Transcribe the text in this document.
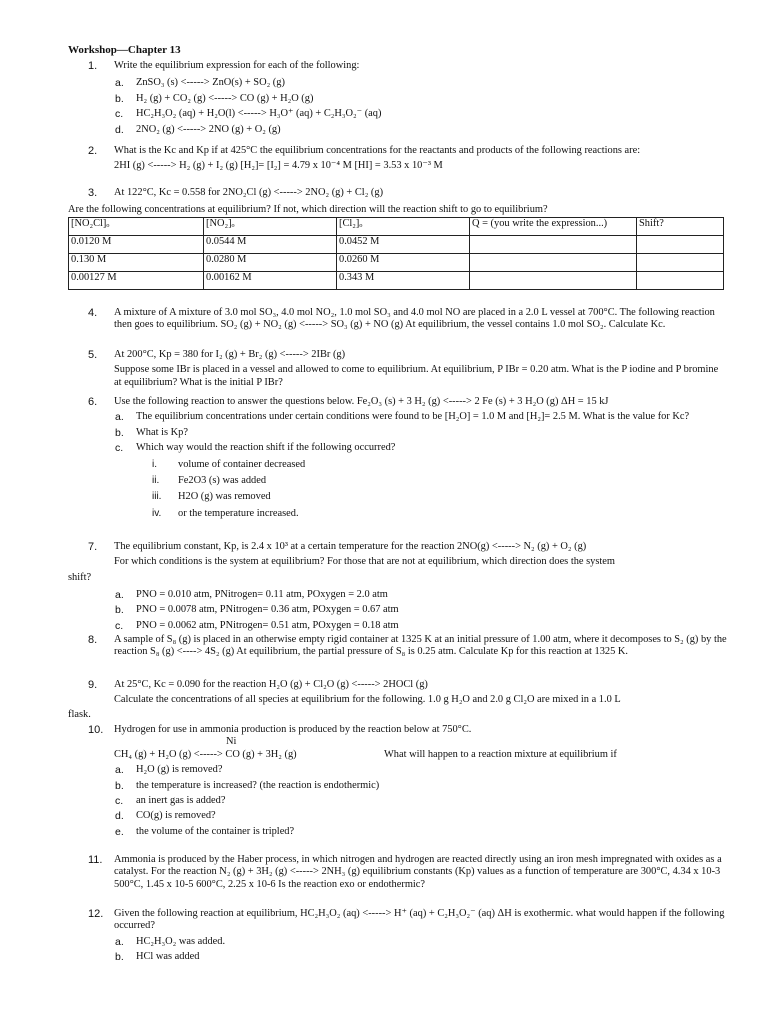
Workshop—Chapter 13
1.	Write the equilibrium expression for each of the following:
a. ZnSO₃ (s) <-----> ZnO(s) + SO₂ (g)
b. H₂ (g) + CO₂ (g) <-----> CO (g) + H₂O (g)
c. HC₂H₃O₂ (aq) + H₂O(l) <-----> H₃O⁺ (aq) + C₂H₃O₂⁻ (aq)
d. 2NO₂ (g) <-----> 2NO (g) + O₂ (g)
2.	What is the Kc and Kp if at 425°C the equilibrium concentrations for the reactants and products of the following reactions are:
2HI (g) <-----> H₂ (g) + I₂ (g) [H₂]= [I₂] = 4.79 x 10⁻⁴ M [HI] = 3.53 x 10⁻³ M
3.	At 122°C, Kc = 0.558 for 2NO₂Cl (g) <-----> 2NO₂ (g) + Cl₂ (g)
Are the following concentrations at equilibrium? If not, which direction will the reaction shift to go to equilibrium?
[NO₂Cl]ₒ	[NO₂]ₒ	[Cl₂]ₒ	Q = (you write the expression...)	Shift?
0.0120 M	0.0544 M	0.0452 M		
0.130 M	0.0280 M	0.0260 M		
0.00127 M	0.00162 M	0.343 M		
4.	A mixture of A mixture of 3.0 mol SO₃, 4.0 mol NO₂, 1.0 mol SO₃ and 4.0 mol NO are placed in a 2.0 L vessel at 700°C. The following reaction then goes to equilibrium. SO₂ (g) + NO₂ (g) <-----> SO₃ (g) + NO (g) At equilibrium, the vessel contains 1.0 mol SO₂. Calculate Kc.
5.	At 200°C, Kp = 380 for I₂ (g) + Br₂ (g) <-----> 2IBr (g)
Suppose some IBr is placed in a vessel and allowed to come to equilibrium. At equilibrium, P IBr = 0.20 atm. What is the P iodine and P bromine at equilibrium? What is the initial P IBr?
6.	Use the following reaction to answer the questions below. Fe₂O₃ (s) + 3 H₂ (g) <-----> 2 Fe (s) + 3 H₂O (g) ΔH = 15 kJ
a. The equilibrium concentrations under certain conditions were found to be [H₂O] = 1.0 M and [H₂]= 2.5 M. What is the value for Kc?
b. What is Kp?
c. Which way would the reaction shift if the following occurred?
i. volume of container decreased
ii. Fe2O3 (s) was added
iii. H2O (g) was removed
iv. or the temperature increased.
7.	The equilibrium constant, Kp, is 2.4 x 10³ at a certain temperature for the reaction 2NO(g) <-----> N₂ (g) + O₂ (g)
For which conditions is the system at equilibrium? For those that are not at equilibrium, which direction does the system
shift?
a. PNO = 0.010 atm, PNitrogen= 0.11 atm, POxygen = 2.0 atm
b. PNO = 0.0078 atm, PNitrogen= 0.36 atm, POxygen = 0.67 atm
c. PNO = 0.0062 atm, PNitrogen= 0.51 atm, POxygen = 0.18 atm
8.	A sample of S₈ (g) is placed in an otherwise empty rigid container at 1325 K at an initial pressure of 1.00 atm, where it decomposes to S₂ (g) by the reaction S₈ (g) <----> 4S₂ (g) At equilibrium, the partial pressure of S₈ is 0.25 atm. Calculate Kp for this reaction at 1325 K.
9.	At 25°C, Kc = 0.090 for the reaction H₂O (g) + Cl₂O (g) <-----> 2HOCl (g)
Calculate the concentrations of all species at equilibrium for the following. 1.0 g H₂O and 2.0 g Cl₂O are mixed in a 1.0 L
flask.
10.	Hydrogen for use in ammonia production is produced by the reaction below at 750°C.
Ni
CH₄ (g) + H₂O (g) <-----> CO (g) + 3H₂ (g)	What will happen to a reaction mixture at equilibrium if
a. H₂O (g) is removed?
b. the temperature is increased? (the reaction is endothermic)
c. an inert gas is added?
d. CO(g) is removed?
e. the volume of the container is tripled?
11.	Ammonia is produced by the Haber process, in which nitrogen and hydrogen are reacted directly using an iron mesh impregnated with oxides as a catalyst. For the reaction N₂ (g) + 3H₂ (g) <-----> 2NH₃ (g) equilibrium constants (Kp) values as a function of temperature are 300°C, 4.34 x 10-3 500°C, 1.45 x 10-5 600°C, 2.25 x 10-6 Is the reaction exo or endothermic?
12.	Given the following reaction at equilibrium, HC₂H₃O₂ (aq) <-----> H⁺ (aq) + C₂H₃O₂⁻ (aq) ΔH is exothermic. what would happen if the following occurred?
a. HC₂H₃O₂ was added.
b. HCl was added
